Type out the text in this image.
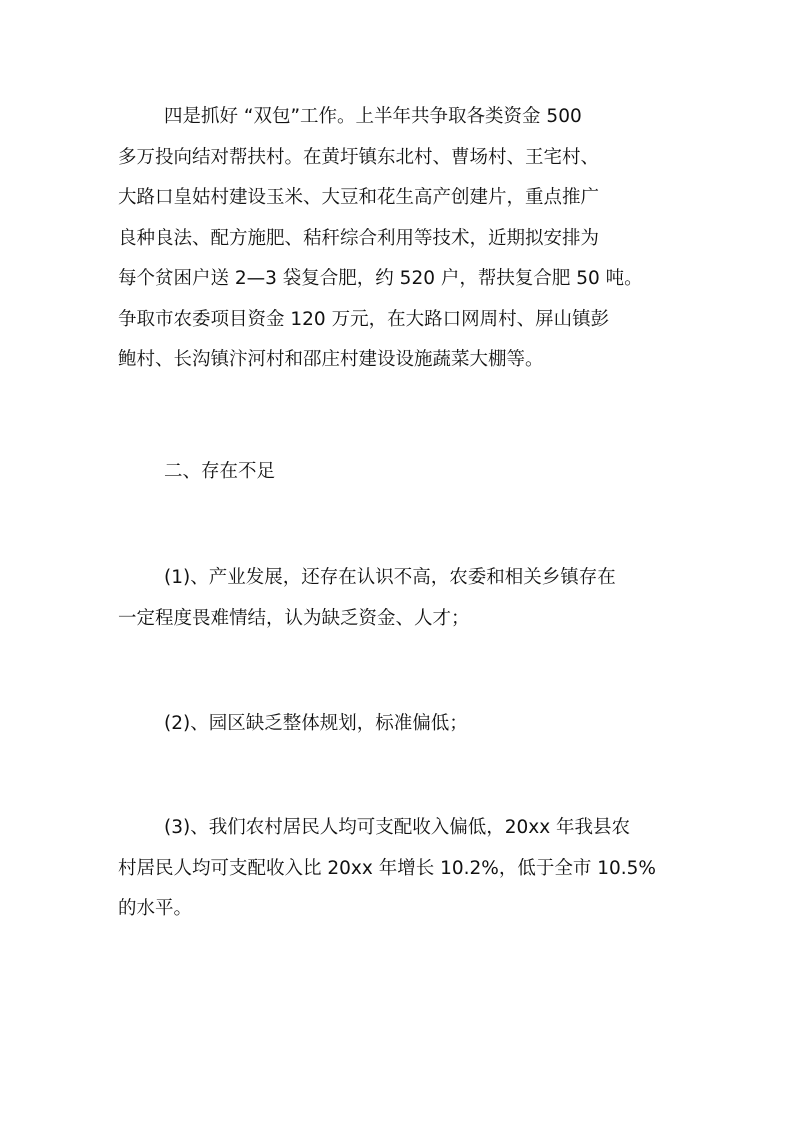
四是抓好 “双包”工作。上半年共争取各类资金 500
多万投向结对帮扶村。在黄圩镇东北村、曹场村、王宅村、
大路口皇姑村建设玉米、大豆和花生高产创建片，重点推广
良种良法、配方施肥、秸秆综合利用等技术，近期拟安排为
每个贫困户送 2—3 袋复合肥，约 520 户，帮扶复合肥 50 吨。
争取市农委项目资金 120 万元，在大路口网周村、屏山镇彭
鲍村、长沟镇汴河村和邵庄村建设设施蔬菜大棚等。
二、存在不足
(1)、产业发展，还存在认识不高，农委和相关乡镇存在
一定程度畏难情结，认为缺乏资金、人才；
(2)、园区缺乏整体规划，标准偏低；
(3)、我们农村居民人均可支配收入偏低，20xx 年我县农
村居民人均可支配收入比 20xx 年增长 10.2%，低于全市 10.5%
的水平。
